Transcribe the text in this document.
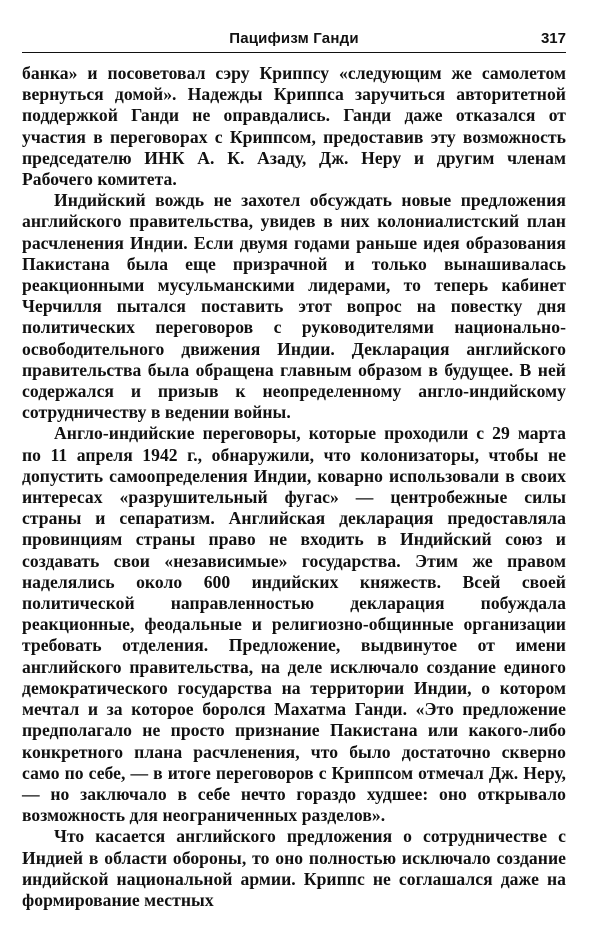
Пацифизм Ганди	317

банка» и посоветовал сэру Криппсу «следующим же самолетом вернуться домой». Надежды Криппса заручиться авторитетной поддержкой Ганди не оправдались. Ганди даже отказался от участия в переговорах с Криппсом, предоставив эту возможность председателю ИНК А. К. Азаду, Дж. Неру и другим членам Рабочего комитета.

Индийский вождь не захотел обсуждать новые предложения английского правительства, увидев в них колониалистский план расчленения Индии. Если двумя годами раньше идея образования Пакистана была еще призрачной и только вынашивалась реакционными мусульманскими лидерами, то теперь кабинет Черчилля пытался поставить этот вопрос на повестку дня политических переговоров с руководителями национально-освободительного движения Индии. Декларация английского правительства была обращена главным образом в будущее. В ней содержался и призыв к неопределенному англо-индийскому сотрудничеству в ведении войны.

Англо-индийские переговоры, которые проходили с 29 марта по 11 апреля 1942 г., обнаружили, что колонизаторы, чтобы не допустить самоопределения Индии, коварно использовали в своих интересах «разрушительный фугас» — центробежные силы страны и сепаратизм. Английская декларация предоставляла провинциям страны право не входить в Индийский союз и создавать свои «независимые» государства. Этим же правом наделялись около 600 индийских княжеств. Всей своей политической направленностью декларация побуждала реакционные, феодальные и религиозно-общинные организации требовать отделения. Предложение, выдвинутое от имени английского правительства, на деле исключало создание единого демократического государства на территории Индии, о котором мечтал и за которое боролся Махатма Ганди. «Это предложение предполагало не просто признание Пакистана или какого-либо конкретного плана расчленения, что было достаточно скверно само по себе, — в итоге переговоров с Криппсом отмечал Дж. Неру, — но заключало в себе нечто гораздо худшее: оно открывало возможность для неограниченных разделов».

Что касается английского предложения о сотрудничестве с Индией в области обороны, то оно полностью исключало создание индийской национальной армии. Криппс не соглашался даже на формирование местных
